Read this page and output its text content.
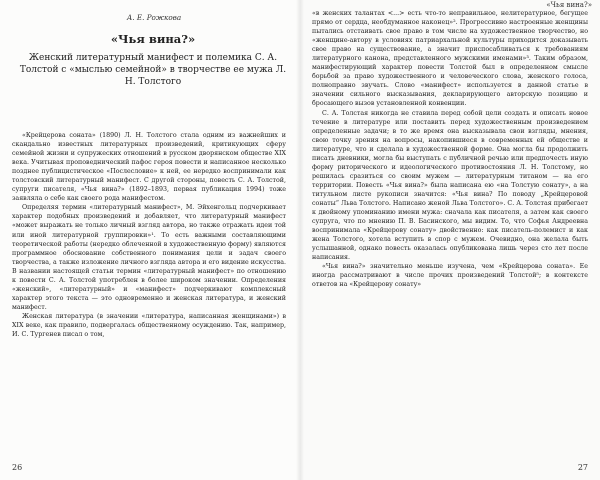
А. Е. Рожкова
«Чья вина?»
Женский литературный манифест и полемика С. А. Толстой с «мыслью семейной» в творчестве ее мужа Л. Н. Толстого

«Крейцерова соната» (1890) Л. Н. Толстого стала одним из важнейших и скандально известных литературных произведений, критикующих сферу семейной жизни и супружеских отношений в русском дворянском обществе XIX века. Учитывая проповеднический пафос героя повести и написанное несколько позднее публицистическое «Послесловие» к ней, ее нередко воспринимали как толстовский литературный манифест. С другой стороны, повесть С. А. Толстой, супруги писателя, «Чья вина?» (1892–1893, первая публикация 1994) тоже заявляла о себе как своего рода манифестом.

Определяя термин «литературный манифест», М. Эйхенгольц подчеркивает характер подобных произведений и добавляет, что литературный манифест «может выражать не только личный взгляд автора, но также отражать идеи той или иной литературной группировки»¹. То есть важными составляющими теоретической работы (нередко облеченной в художественную форму) являются программное обоснование собственного понимания цели и задач своего творчества, а также изложение личного взгляда автора и его видение искусства. В названии настоящей статьи термин «литературный манифест» по отношению к повести С. А. Толстой употреблен в более широком значении. Определения «женский», «литературный» и «манифест» подчеркивают комплексный характер этого текста — это одновременно и женская литература, и женский манифест.

Женская литература (в значении «литература, написанная женщинами») в XIX веке, как правило, подвергалась общественному осуждению. Так, например, И. С. Тургенев писал о том,

26
«Чья вина?»

«в женских талантах <...> есть что-то неправильное, нелитературное, бегущее прямо от сердца, необдуманное наконец»². Прогрессивно настроенные женщины пытались отстаивать свое право в том числе на художественное творчество, но «женщине-автору в условиях патриархальной культуры приходится доказывать свое право на существование, а значит приспосабливаться к требованиям литературного канона, представленного мужскими именами»³. Таким образом, манифестирующий характер повести Толстой был в определенном смысле борьбой за право художественного и человеческого слова, женского голоса, полноправно звучать. Слово «манифест» используется в данной статье в значении сильного высказывания, декларирующего авторскую позицию и бросающего вызов установленной конвенции.

С. А. Толстая никогда не ставила перед собой цели создать и описать новое течение в литературе или поставить перед художественным произведением определенные задачи; в то же время она высказывала свои взгляды, мнения, свою точку зрения на вопросы, накопившиеся в современных ей обществе и литературе, что и сделала в художественной форме. Она могла бы продолжить писать дневники, могла бы выступать с публичной речью или предпочесть иную форму риторического и идеологического противостояния Л. Н. Толстому, но решилась сразиться со своим мужем — литературным титаном — на его территории. Повесть «Чья вина?» была написана ею «на Толстую сонату», а на титульном листе рукописи значится: «Чья вина? По поводу „Крейцеровой сонаты“ Льва Толстого. Написано женой Льва Толстого». С. А. Толстая прибегает к двойному упоминанию имени мужа: сначала как писателя, а затем как своего супруга, что по мнению П. В. Басинского, мы видим. То, что Софья Андреевна воспринимала «Крейцерову сонату» двойственно: как писатель-полемист и как жена Толстого, хотела вступить в спор с мужем. Очевидно, она желала быть услышанной, однако повесть оказалась опубликована лишь через сто лет после написания.

«Чья вина?» значительно меньше изучена, чем «Крейцерова соната». Ее иногда рассматривают в числе прочих произведений Толстой⁵; в контексте ответов на «Крейцерову сонату»

27
